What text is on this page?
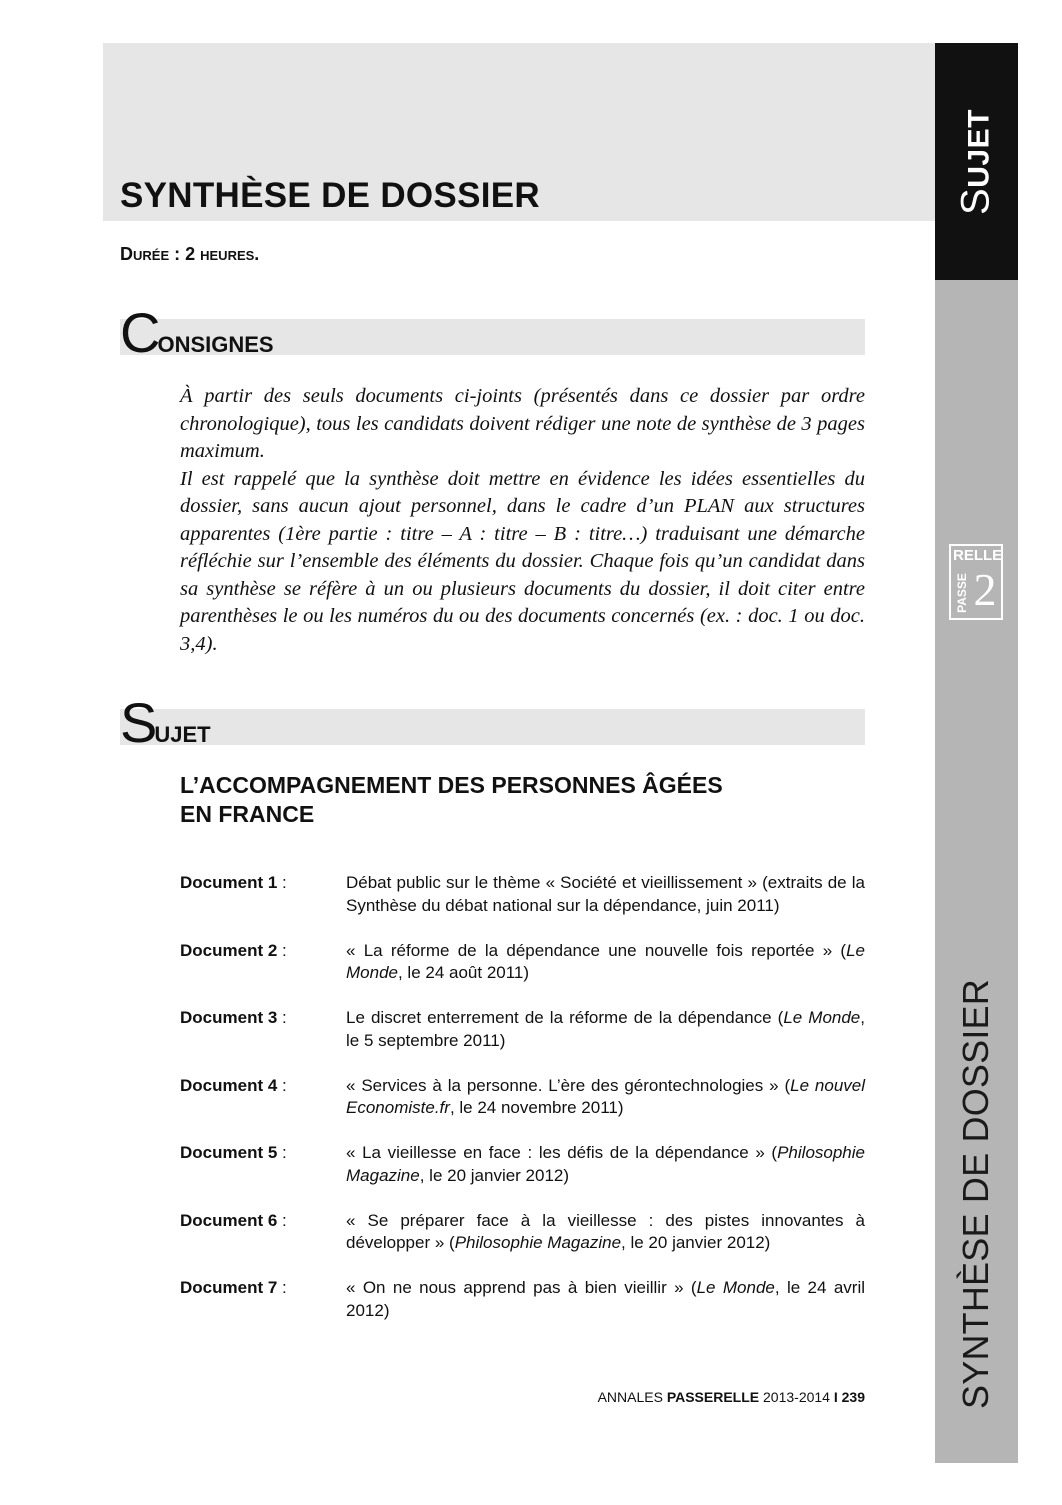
SYNTHÈSE DE DOSSIER
Durée : 2 heures.
SUJET
SYNTHÈSE DE DOSSIER
RELLE
PASSE 2
CONSIGNES

À partir des seuls documents ci-joints (présentés dans ce dossier par ordre chronologique), tous les candidats doivent rédiger une note de synthèse de 3 pages maximum.

Il est rappelé que la synthèse doit mettre en évidence les idées essentielles du dossier, sans aucun ajout personnel, dans le cadre d’un PLAN aux structures apparentes (1ère partie : titre – A : titre – B : titre…) traduisant une démarche réfléchie sur l’ensemble des éléments du dossier. Chaque fois qu’un candidat dans sa synthèse se réfère à un ou plusieurs documents du dossier, il doit citer entre parenthèses le ou les numéros du ou des documents concernés (ex. : doc. 1 ou doc. 3,4).

SUJET
L’ACCOMPAGNEMENT DES PERSONNES ÂGÉES
EN FRANCE
Document 1 :	Débat public sur le thème « Société et vieillissement » (extraits de la Synthèse du débat national sur la dépendance, juin 2011)
Document 2 :	« La réforme de la dépendance une nouvelle fois reportée » (Le Monde, le 24 août 2011)
Document 3 :	Le discret enterrement de la réforme de la dépendance (Le Monde, le 5 septembre 2011)
Document 4 :	« Services à la personne. L’ère des gérontechnologies » (Le nouvel Economiste.fr, le 24 novembre 2011)
Document 5 :	« La vieillesse en face : les défis de la dépendance » (Philosophie Magazine, le 20 janvier 2012)
Document 6 :	« Se préparer face à la vieillesse : des pistes innovantes à développer » (Philosophie Magazine, le 20 janvier 2012)
Document 7 :	« On ne nous apprend pas à bien vieillir » (Le Monde, le 24 avril 2012)
ANNALES PASSERELLE 2013-2014 I 239
